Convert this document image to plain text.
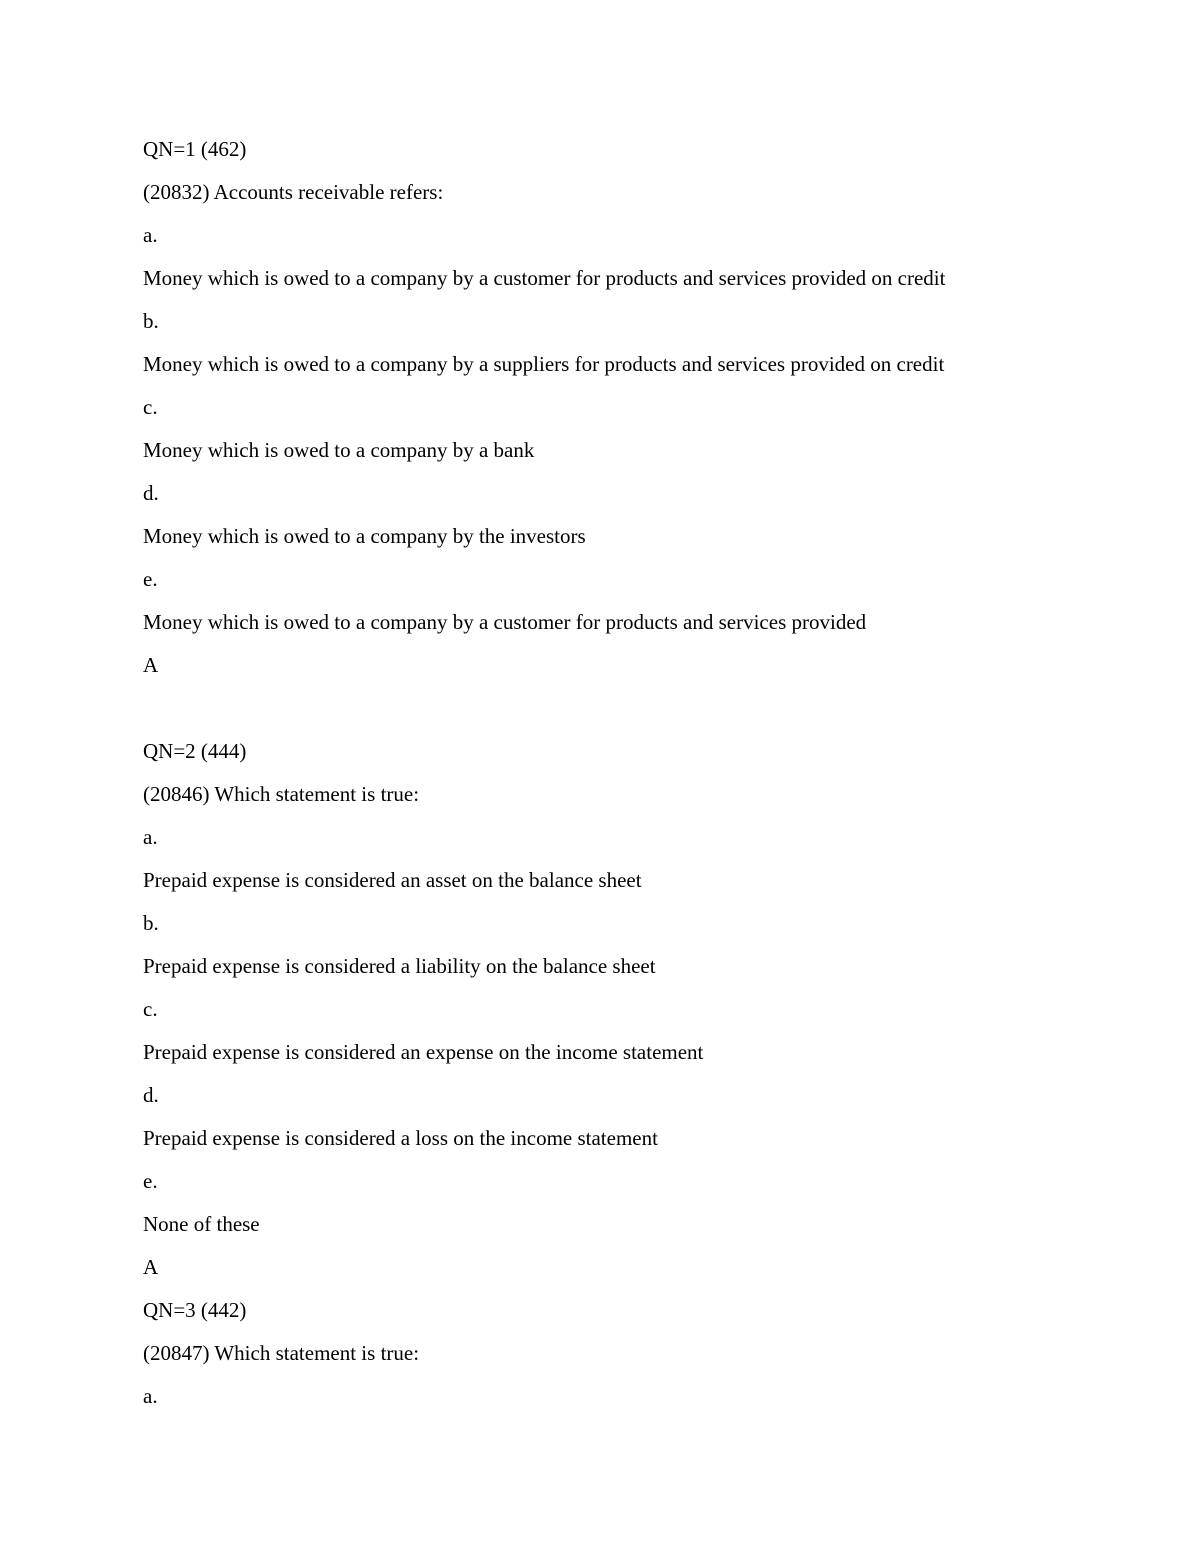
QN=1 (462)

(20832) Accounts receivable refers:

a.

Money which is owed to a company by a customer for products and services provided on credit

b.

Money which is owed to a company by a suppliers for products and services provided on credit

c.

Money which is owed to a company by a bank

d.

Money which is owed to a company by the investors

e.

Money which is owed to a company by a customer for products and services provided

A

QN=2 (444)

(20846) Which statement is true:

a.

Prepaid expense is considered an asset on the balance sheet

b.

Prepaid expense is considered a liability on the balance sheet

c.

Prepaid expense is considered an expense on the income statement

d.

Prepaid expense is considered a loss on the income statement

e.

None of these

A

QN=3 (442)

(20847) Which statement is true:

a.
